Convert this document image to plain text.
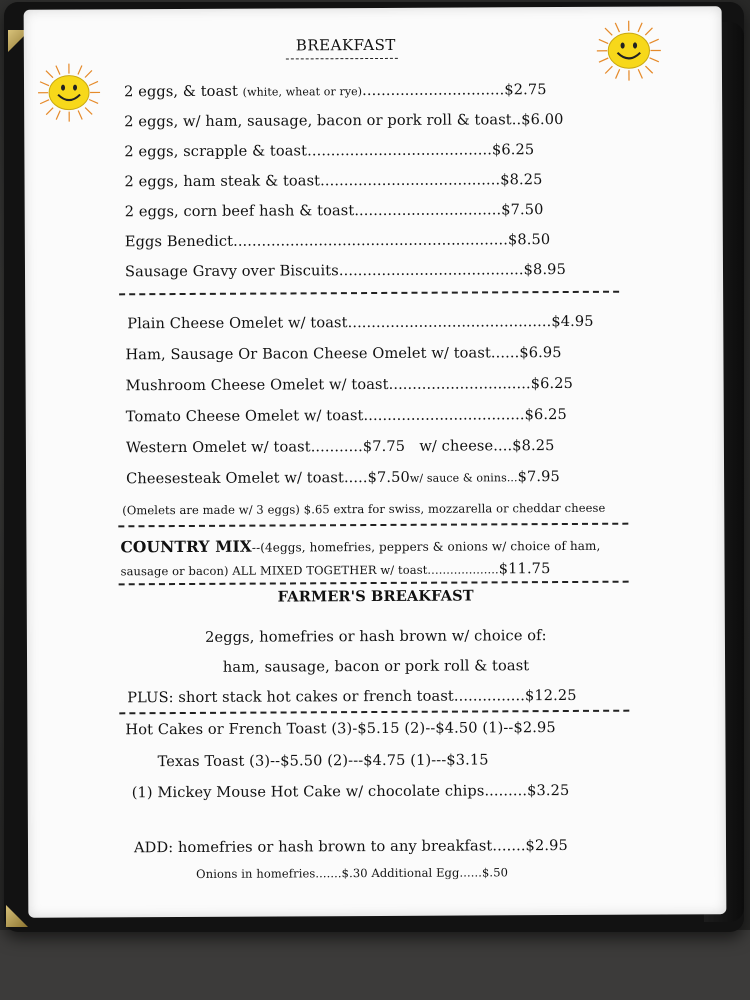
BREAKFAST
2 eggs, & toast (white, wheat or rye)..............................$2.75
2 eggs, w/ ham, sausage, bacon or pork roll & toast..$6.00
2 eggs, scrapple & toast.......................................$6.25
2 eggs, ham steak & toast......................................$8.25
2 eggs, corn beef hash & toast...............................$7.50
Eggs Benedict..........................................................$8.50
Sausage Gravy over Biscuits.......................................$8.95
Plain Cheese Omelet w/ toast...........................................$4.95
Ham, Sausage Or Bacon Cheese Omelet w/ toast......$6.95
Mushroom Cheese Omelet w/ toast..............................$6.25
Tomato Cheese Omelet w/ toast..................................$6.25
Western Omelet w/ toast...........$7.75 w/ cheese....$8.25
Cheesesteak Omelet w/ toast.....$7.50w/ sauce & onins...$7.95
(Omelets are made w/ 3 eggs) $.65 extra for swiss, mozzarella or cheddar cheese
COUNTRY MIX--(4eggs, homefries, peppers & onions w/ choice of ham,
sausage or bacon) ALL MIXED TOGETHER w/ toast...................$11.75
FARMER'S BREAKFAST
2eggs, homefries or hash brown w/ choice of:
ham, sausage, bacon or pork roll & toast
PLUS: short stack hot cakes or french toast...............$12.25
Hot Cakes or French Toast (3)-$5.15 (2)--$4.50 (1)--$2.95
Texas Toast (3)--$5.50 (2)---$4.75 (1)---$3.15
(1) Mickey Mouse Hot Cake w/ chocolate chips.........$3.25
ADD: homefries or hash brown to any breakfast.......$2.95
Onions in homefries.......$.30 Additional Egg......$.50
